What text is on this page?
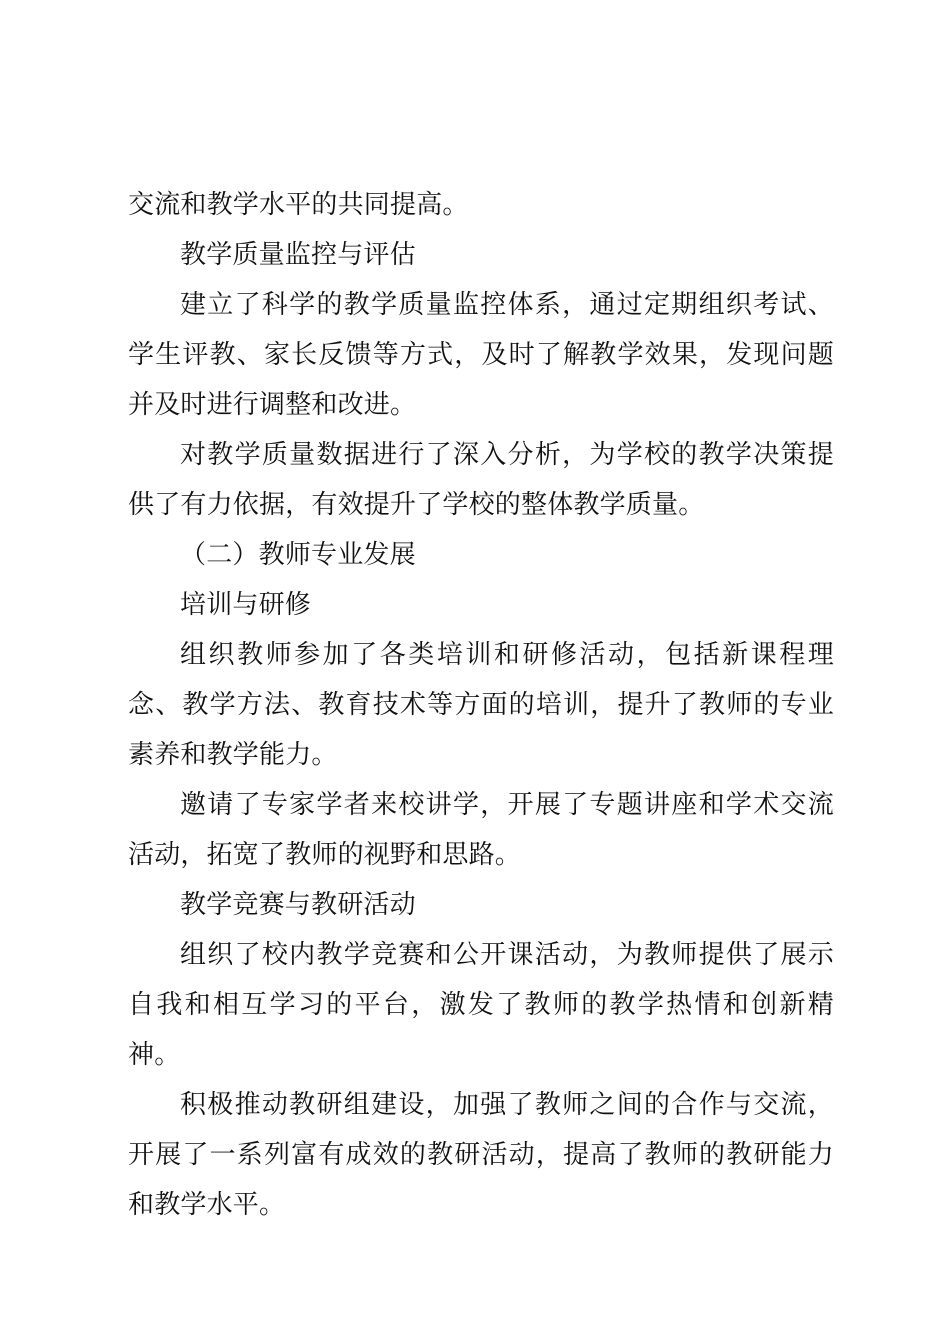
交流和教学水平的共同提高。

教学质量监控与评估

建立了科学的教学质量监控体系，通过定期组织考试、学生评教、家长反馈等方式，及时了解教学效果，发现问题并及时进行调整和改进。

对教学质量数据进行了深入分析，为学校的教学决策提供了有力依据，有效提升了学校的整体教学质量。

（二）教师专业发展

培训与研修

组织教师参加了各类培训和研修活动，包括新课程理念、教学方法、教育技术等方面的培训，提升了教师的专业素养和教学能力。

邀请了专家学者来校讲学，开展了专题讲座和学术交流活动，拓宽了教师的视野和思路。

教学竞赛与教研活动

组织了校内教学竞赛和公开课活动，为教师提供了展示自我和相互学习的平台，激发了教师的教学热情和创新精神。

积极推动教研组建设，加强了教师之间的合作与交流，开展了一系列富有成效的教研活动，提高了教师的教研能力和教学水平。
